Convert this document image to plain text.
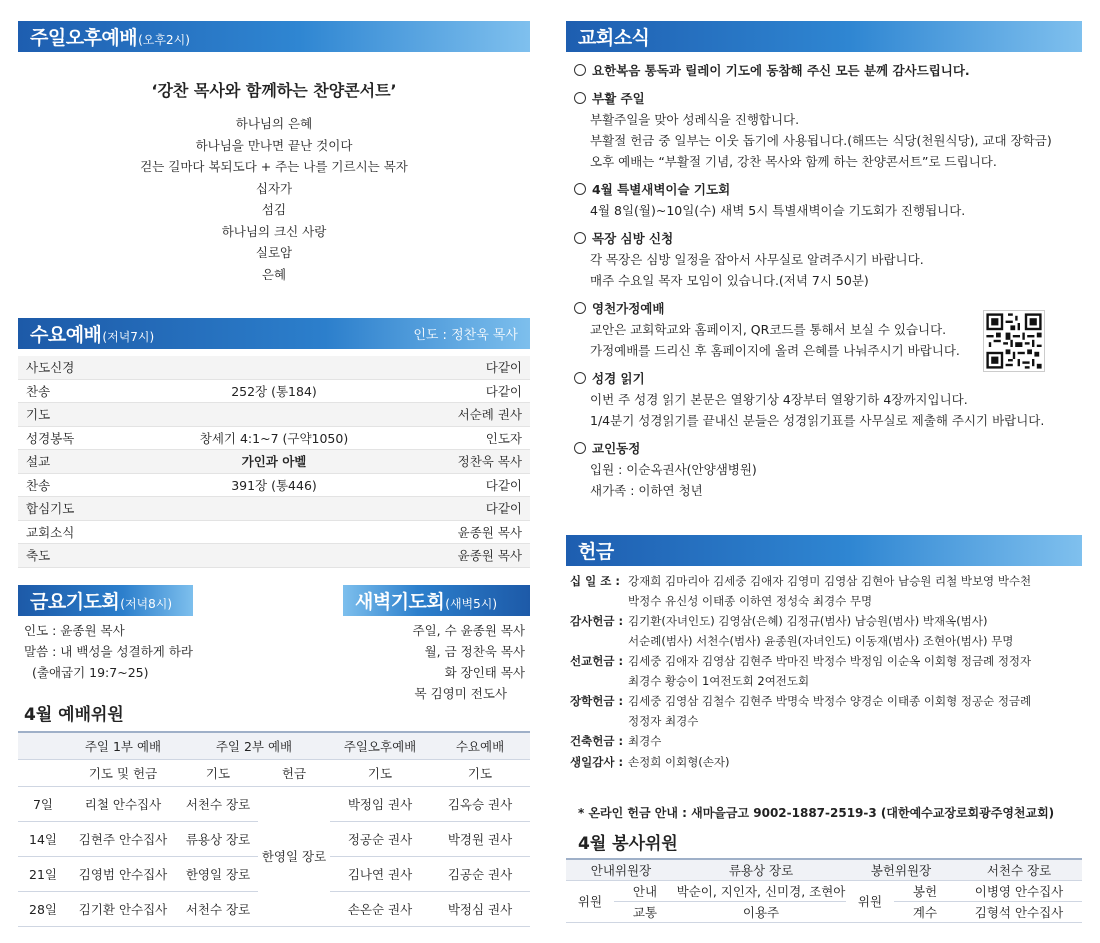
주일오후예배 (오후2시)
‘강찬 목사와 함께하는 찬양콘서트’
하나님의 은혜
하나님을 만나면 끝난 것이다
걷는 길마다 복되도다 + 주는 나를 기르시는 목자
십자가
섬김
하나님의 크신 사랑
실로암
은혜
수요예배 (저녁7시)	인도 : 정찬욱 목사
사도신경	다같이
찬송	252장 (통184)	다같이
기도	서순례 권사
성경봉독	창세기 4:1~7 (구약1050)	인도자
설교	가인과 아벨	정찬욱 목사
찬송	391장 (통446)	다같이
합심기도	다같이
교회소식	윤종원 목사
축도	윤종원 목사
금요기도회 (저녁8시)	새벽기도회 (새벽5시)
인도 : 윤종원 목사
말씀 : 내 백성을 성결하게 하라
(출애굽기 19:7~25)
주일, 수 윤종원 목사
월, 금 정찬욱 목사
화 장인태 목사
목 김영미 전도사
4월 예배위원
	주일 1부 예배	주일 2부 예배		주일오후예배	수요예배
	기도 및 헌금	기도	헌금	기도	기도
7일	리철 안수집사	서천수 장로	한영일 장로	박정임 권사	김옥승 권사
14일	김현주 안수집사	류용상 장로		정공순 권사	박경원 권사
21일	김영범 안수집사	한영일 장로		김나연 권사	김공순 권사
28일	김기환 안수집사	서천수 장로		손온순 권사	박정심 권사
교회소식
요한복음 통독과 릴레이 기도에 동참해 주신 모든 분께 감사드립니다.
부활 주일
부활주일을 맞아 성례식을 진행합니다.
부활절 헌금 중 일부는 이웃 돕기에 사용됩니다.(해뜨는 식당(천원식당), 교대 장학금)
오후 예배는 “부활절 기념, 강찬 목사와 함께 하는 찬양콘서트”로 드립니다.
4월 특별새벽이슬 기도회
4월 8일(월)~10일(수) 새벽 5시 특별새벽이슬 기도회가 진행됩니다.
목장 심방 신청
각 목장은 심방 일정을 잡아서 사무실로 알려주시기 바랍니다.
매주 수요일 목자 모임이 있습니다.(저녁 7시 50분)
영천가정예배
교안은 교회학교와 홈페이지, QR코드를 통해서 보실 수 있습니다.
가정예배를 드리신 후 홈페이지에 올려 은혜를 나눠주시기 바랍니다.
성경 읽기
이번 주 성경 읽기 본문은 열왕기상 4장부터 열왕기하 4장까지입니다.
1/4분기 성경읽기를 끝내신 분들은 성경읽기표를 사무실로 제출해 주시기 바랍니다.
교인동정
입원 : 이순옥권사(안양샘병원)
새가족 : 이하연 청년
헌금
십 일 조 : 강재희 김마리아 김세중 김애자 김영미 김영삼 김현아 남승원 리철 박보영 박수천
박정수 유신성 이태종 이하연 정성숙 최경수 무명
감사헌금 : 김기환(자녀인도) 김영삼(은혜) 김정규(범사) 남승원(범사) 박재옥(범사)
서순례(범사) 서천수(범사) 윤종원(자녀인도) 이동재(범사) 조현아(범사) 무명
선교헌금 : 김세중 김애자 김영삼 김현주 박마진 박정수 박정임 이순옥 이회형 정금례 정정자
최경수 황승이 1여전도회 2여전도회
장학헌금 : 김세중 김영삼 김철수 김현주 박명숙 박정수 양경순 이태종 이회형 정공순 정금례
정정자 최경수
건축헌금 : 최경수
생일감사 : 손정희 이회형(손자)
* 온라인 헌금 안내 : 새마을금고 9002-1887-2519-3 (대한예수교장로회광주영천교회)
4월 봉사위원
안내위원장		류용상 장로	봉헌위원장		서천수 장로
위원	안내	박순이, 지인자, 신미경, 조현아	위원	봉헌	이병영 안수집사
	교통	이용주		계수	김형석 안수집사
